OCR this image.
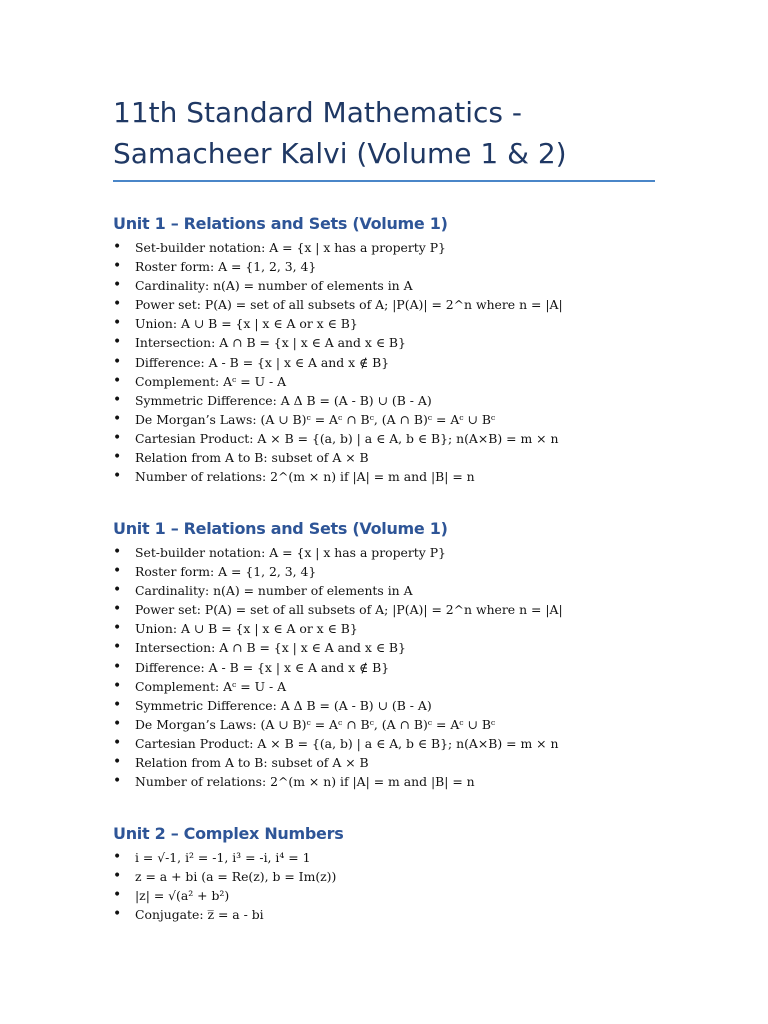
11th Standard Mathematics - Samacheer Kalvi (Volume 1 & 2)
Unit 1 – Relations and Sets (Volume 1)
• Set-builder notation: A = {x | x has a property P}
• Roster form: A = {1, 2, 3, 4}
• Cardinality: n(A) = number of elements in A
• Power set: P(A) = set of all subsets of A; |P(A)| = 2^n where n = |A|
• Union: A ∪ B = {x | x ∈ A or x ∈ B}
• Intersection: A ∩ B = {x | x ∈ A and x ∈ B}
• Difference: A - B = {x | x ∈ A and x ∉ B}
• Complement: Aᶜ = U - A
• Symmetric Difference: A Δ B = (A - B) ∪ (B - A)
• De Morgan’s Laws: (A ∪ B)ᶜ = Aᶜ ∩ Bᶜ, (A ∩ B)ᶜ = Aᶜ ∪ Bᶜ
• Cartesian Product: A × B = {(a, b) | a ∈ A, b ∈ B}; n(A×B) = m × n
• Relation from A to B: subset of A × B
• Number of relations: 2^(m × n) if |A| = m and |B| = n
Unit 1 – Relations and Sets (Volume 1)
• Set-builder notation: A = {x | x has a property P}
• Roster form: A = {1, 2, 3, 4}
• Cardinality: n(A) = number of elements in A
• Power set: P(A) = set of all subsets of A; |P(A)| = 2^n where n = |A|
• Union: A ∪ B = {x | x ∈ A or x ∈ B}
• Intersection: A ∩ B = {x | x ∈ A and x ∈ B}
• Difference: A - B = {x | x ∈ A and x ∉ B}
• Complement: Aᶜ = U - A
• Symmetric Difference: A Δ B = (A - B) ∪ (B - A)
• De Morgan’s Laws: (A ∪ B)ᶜ = Aᶜ ∩ Bᶜ, (A ∩ B)ᶜ = Aᶜ ∪ Bᶜ
• Cartesian Product: A × B = {(a, b) | a ∈ A, b ∈ B}; n(A×B) = m × n
• Relation from A to B: subset of A × B
• Number of relations: 2^(m × n) if |A| = m and |B| = n
Unit 2 – Complex Numbers
• i = √-1, i² = -1, i³ = -i, i⁴ = 1
• z = a + bi (a = Re(z), b = Im(z))
• |z| = √(a² + b²)
• Conjugate: z̅ = a - bi
